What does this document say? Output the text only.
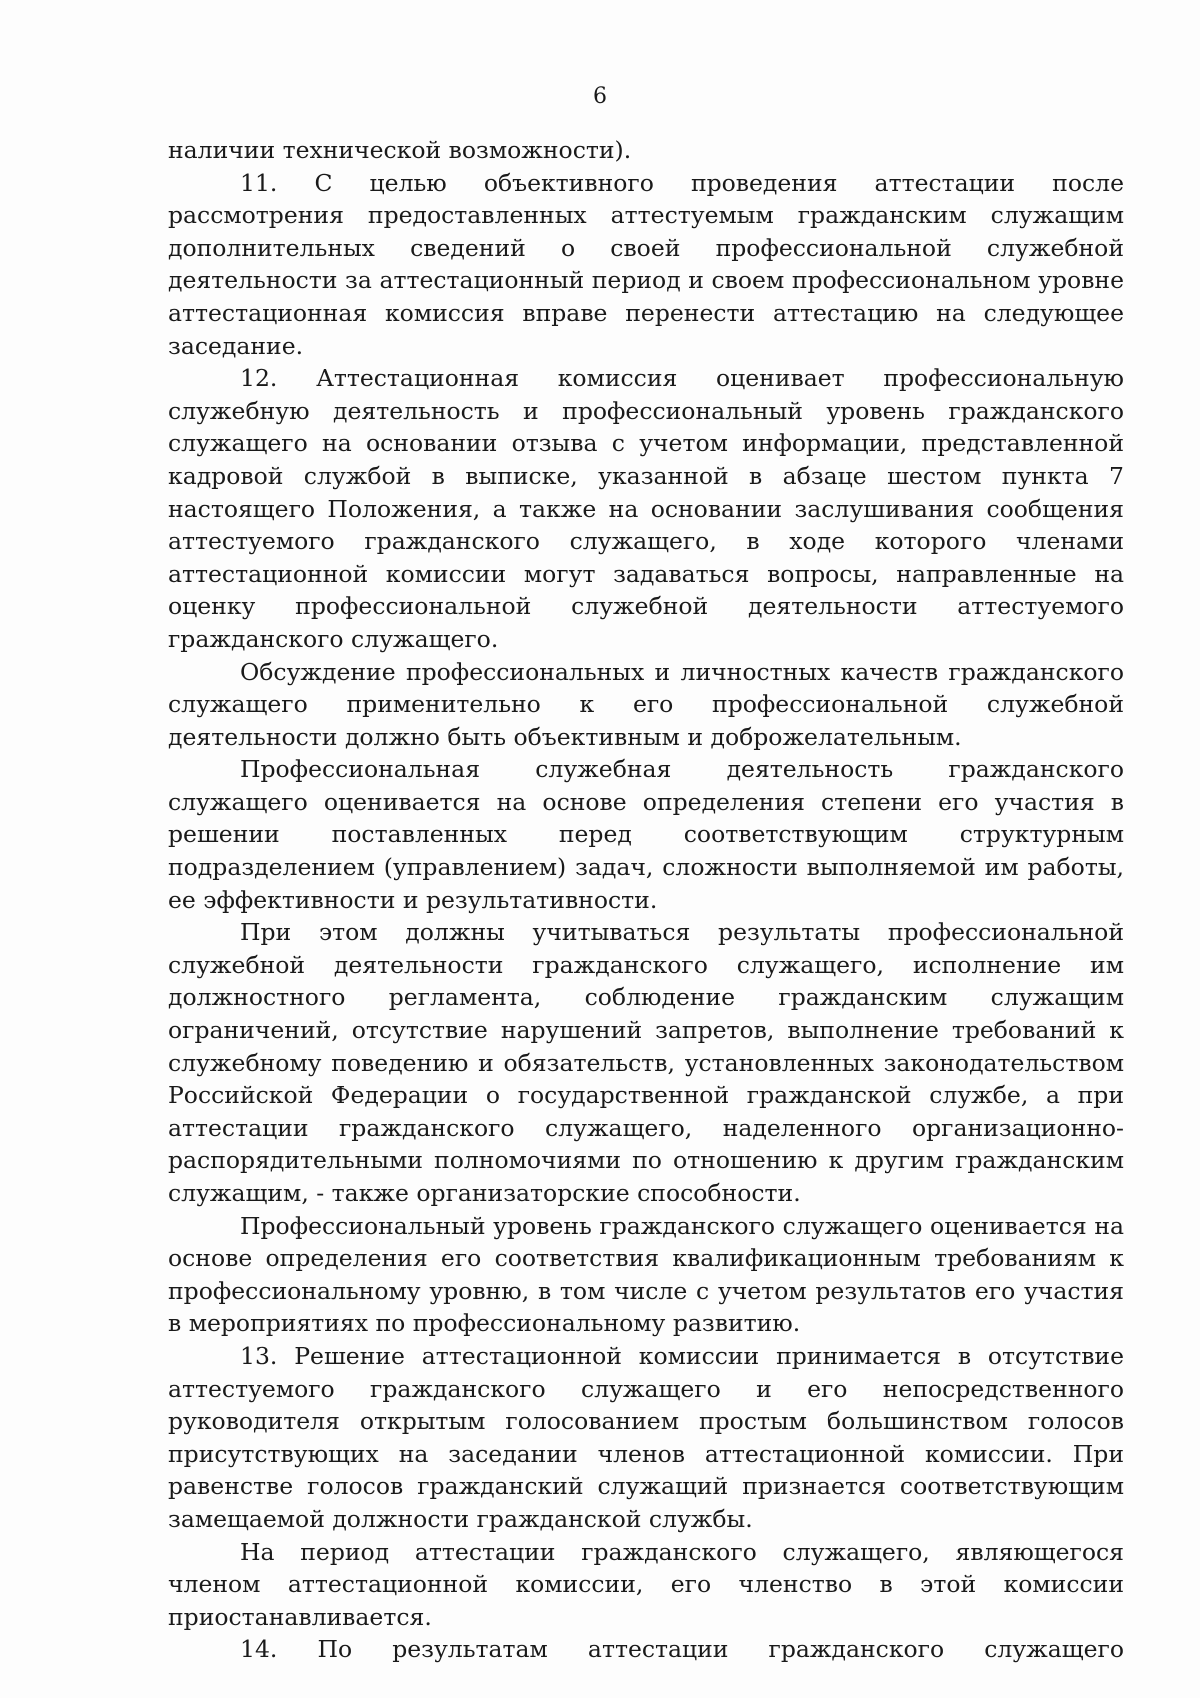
6

наличии технической возможности).

11. С целью объективного проведения аттестации после рассмотрения предоставленных аттестуемым гражданским служащим дополнительных сведений о своей профессиональной служебной деятельности за аттестационный период и своем профессиональном уровне аттестационная комиссия вправе перенести аттестацию на следующее заседание.

12. Аттестационная комиссия оценивает профессиональную служебную деятельность и профессиональный уровень гражданского служащего на основании отзыва с учетом информации, представленной кадровой службой в выписке, указанной в абзаце шестом пункта 7 настоящего Положения, а также на основании заслушивания сообщения аттестуемого гражданского служащего, в ходе которого членами аттестационной комиссии могут задаваться вопросы, направленные на оценку профессиональной служебной деятельности аттестуемого гражданского служащего.

Обсуждение профессиональных и личностных качеств гражданского служащего применительно к его профессиональной служебной деятельности должно быть объективным и доброжелательным.

Профессиональная служебная деятельность гражданского служащего оценивается на основе определения степени его участия в решении поставленных перед соответствующим структурным подразделением (управлением) задач, сложности выполняемой им работы, ее эффективности и результативности.

При этом должны учитываться результаты профессиональной служебной деятельности гражданского служащего, исполнение им должностного регламента, соблюдение гражданским служащим ограничений, отсутствие нарушений запретов, выполнение требований к служебному поведению и обязательств, установленных законодательством Российской Федерации о государственной гражданской службе, а при аттестации гражданского служащего, наделенного организационно-распорядительными полномочиями по отношению к другим гражданским служащим, - также организаторские способности.

Профессиональный уровень гражданского служащего оценивается на основе определения его соответствия квалификационным требованиям к профессиональному уровню, в том числе с учетом результатов его участия в мероприятиях по профессиональному развитию.

13. Решение аттестационной комиссии принимается в отсутствие аттестуемого гражданского служащего и его непосредственного руководителя открытым голосованием простым большинством голосов присутствующих на заседании членов аттестационной комиссии. При равенстве голосов гражданский служащий признается соответствующим замещаемой должности гражданской службы.

На период аттестации гражданского служащего, являющегося членом аттестационной комиссии, его членство в этой комиссии приостанавливается.

14. По результатам аттестации гражданского служащего
